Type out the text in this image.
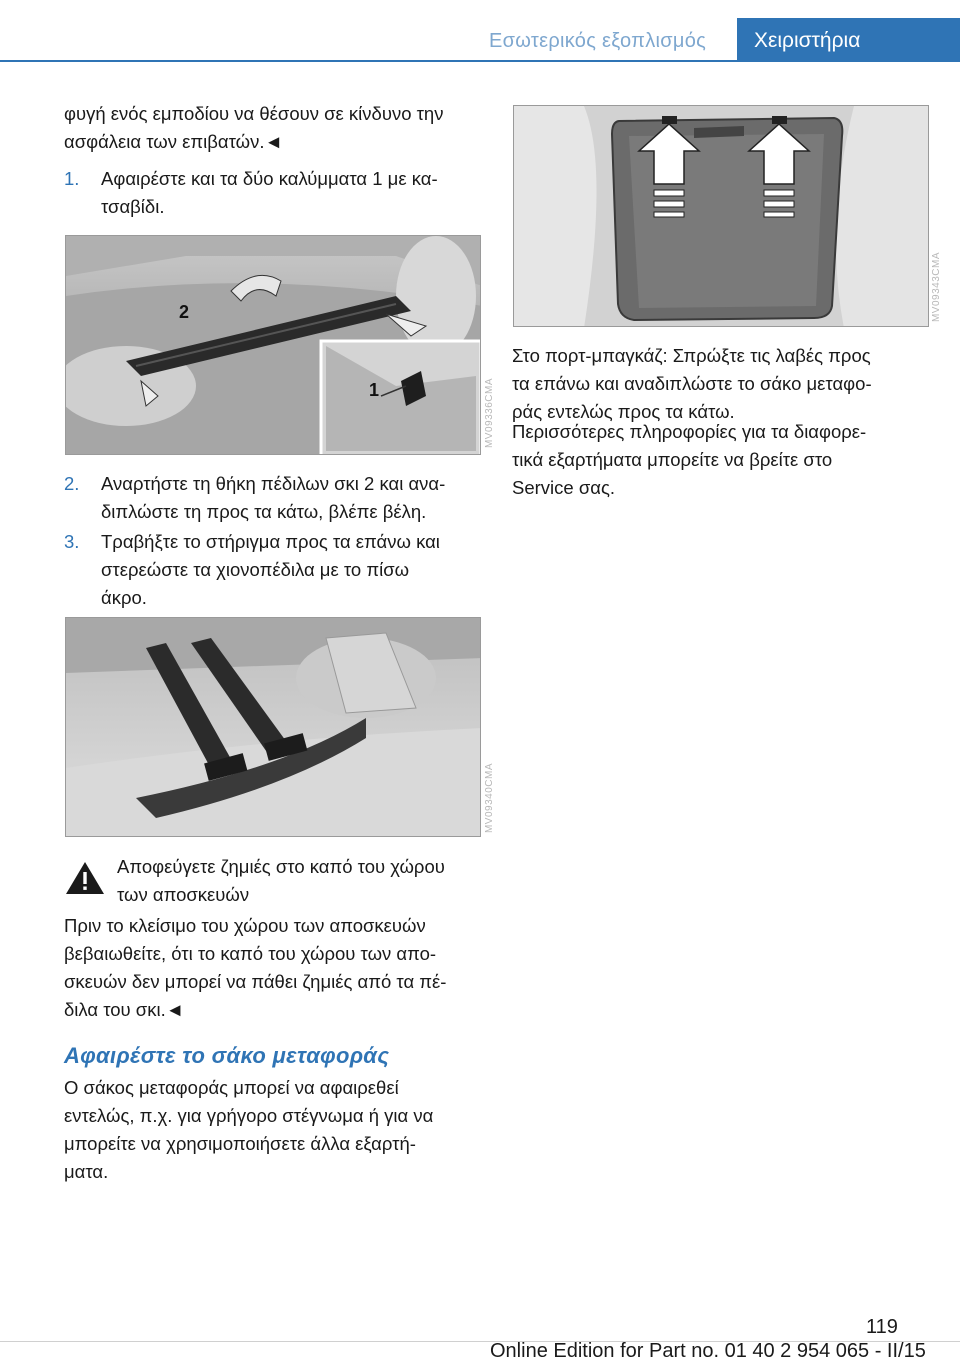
Εσωτερικός εξοπλισμός	Χειριστήρια

φυγή ενός εμποδίου να θέσουν σε κίνδυνο την

ασφάλεια των επιβατών.◄

1. Αφαιρέστε και τα δύο καλύμματα 1 με κα-

τσαβίδι.

2
1	MV09336CMA
2. Αναρτήστε τη θήκη πέδιλων σκι 2 και ανα-

διπλώστε τη προς τα κάτω, βλέπε βέλη.

3. Τραβήξτε το στήριγμα προς τα επάνω και

στερεώστε τα χιονοπέδιλα με το πίσω

άκρο.

MV09340CMA

Αποφεύγετε ζημιές στο καπό του χώρου

των αποσκευών

Πριν το κλείσιμο του χώρου των αποσκευών

βεβαιωθείτε, ότι το καπό του χώρου των απο-

σκευών δεν μπορεί να πάθει ζημιές από τα πέ-

διλα του σκι.◄

Αφαιρέστε το σάκο μεταφοράς

Ο σάκος μεταφοράς μπορεί να αφαιρεθεί

εντελώς, π.χ. για γρήγορο στέγνωμα ή για να

μπορείτε να χρησιμοποιήσετε άλλα εξαρτή-

ματα.

MV09343CMA

Στο πορτ-μπαγκάζ: Σπρώξτε τις λαβές προς

τα επάνω και αναδιπλώστε το σάκο μεταφο-

ράς εντελώς προς τα κάτω.

Περισσότερες πληροφορίες για τα διαφορε-

τικά εξαρτήματα μπορείτε να βρείτε στο

Service σας.

119
Online Edition for Part no. 01 40 2 954 065 - II/15
